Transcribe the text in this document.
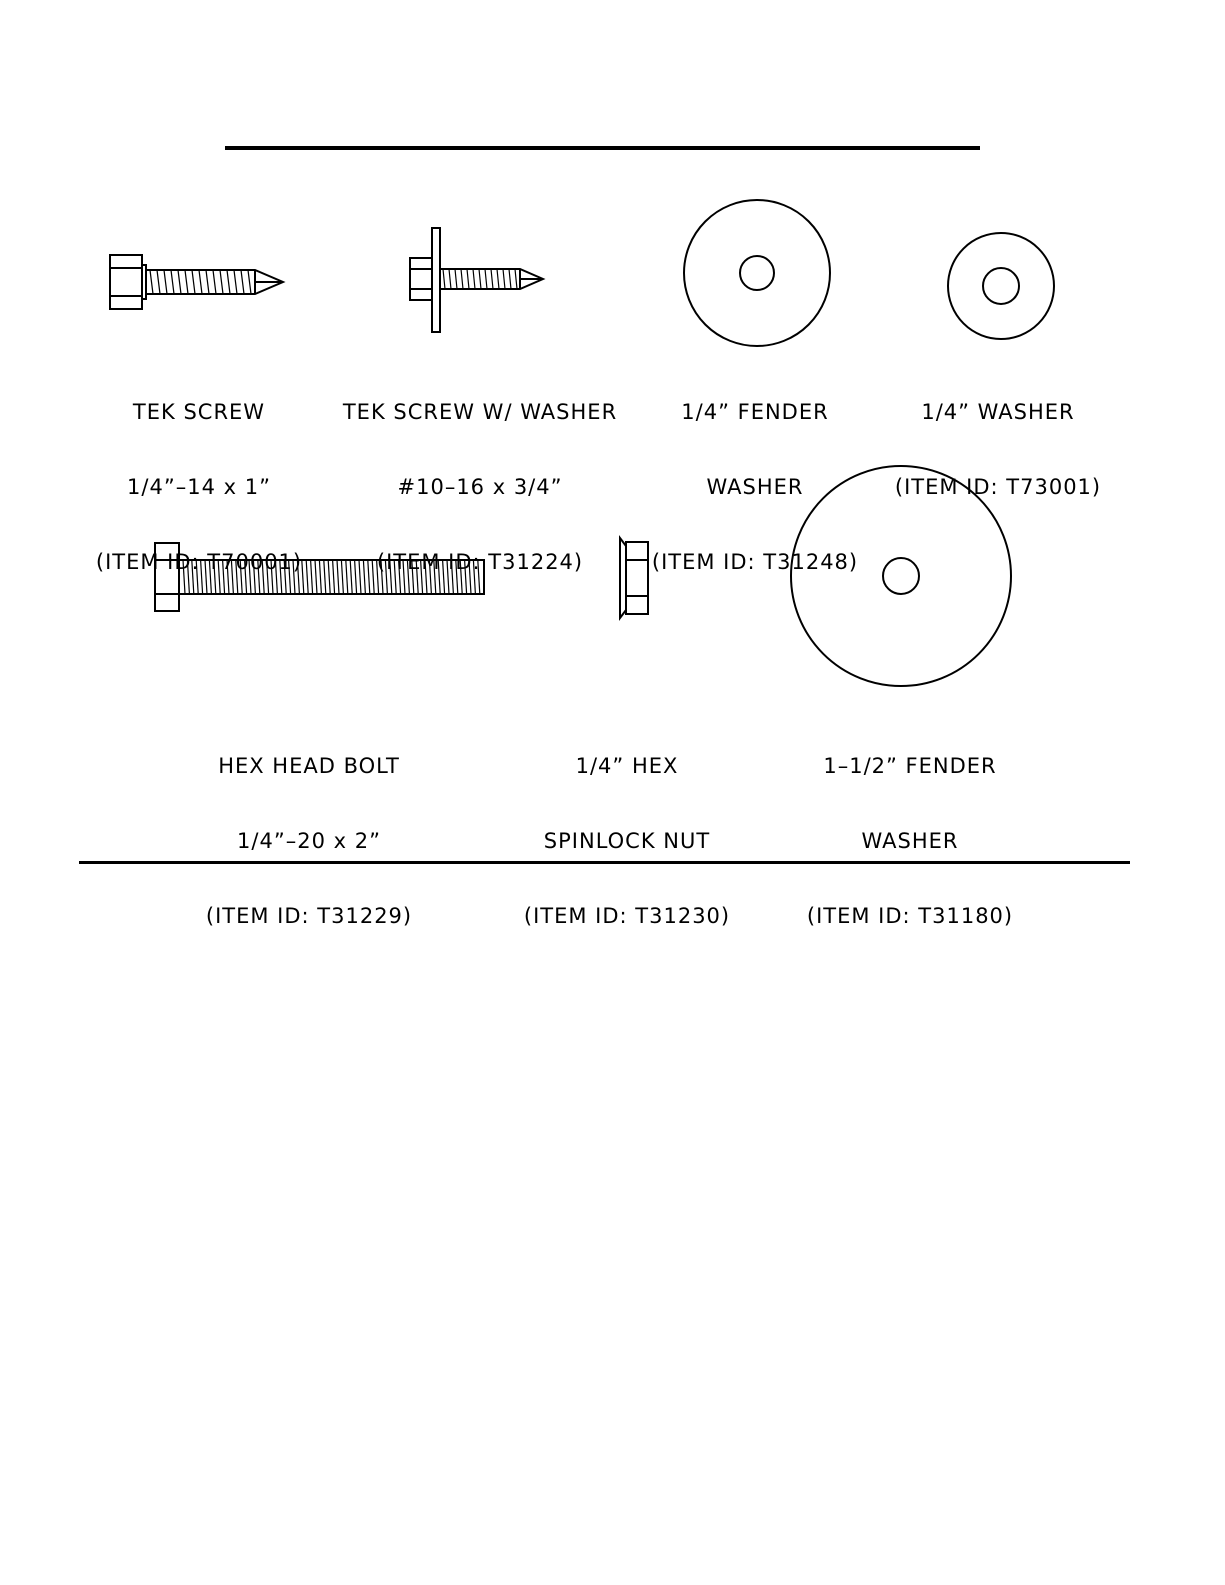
TEK SCREW

1/4”–14 x 1”

(ITEM ID: T70001)

TEK SCREW W/ WASHER

#10–16 x 3/4”

(ITEM ID: T31224)

1/4” FENDER

WASHER

(ITEM ID: T31248)

1/4” WASHER

(ITEM ID: T73001)

HEX HEAD BOLT

1/4”–20 x 2”

(ITEM ID: T31229)

1/4” HEX

SPINLOCK NUT

(ITEM ID: T31230)

1–1/2” FENDER

WASHER

(ITEM ID: T31180)
